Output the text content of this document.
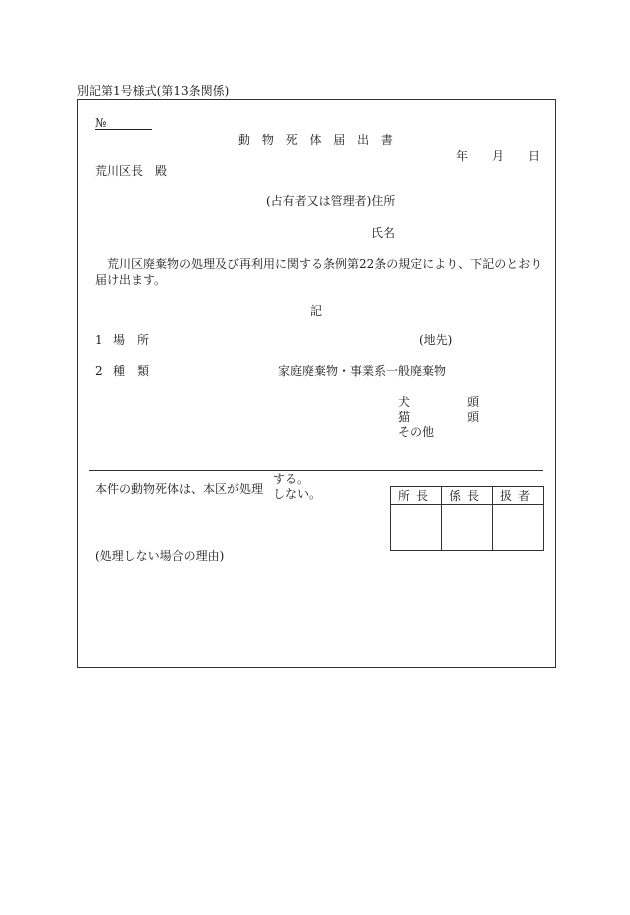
別記第1号様式(第13条関係)
№
動 物 死 体 届 出 書
年 月 日
荒川区長　殿
(占有者又は管理者)住所
氏名
荒川区廃棄物の処理及び再利用に関する条例第22条の規定により、下記のとおり
届け出ます。
記
1 場　所	(地先)
2 種　類	家庭廃棄物・事業系一般廃棄物
犬	頭
猫	頭
その他
本件の動物死体は、本区が処理
する。
しない。	所長	係長	扱者

(処理しない場合の理由)
